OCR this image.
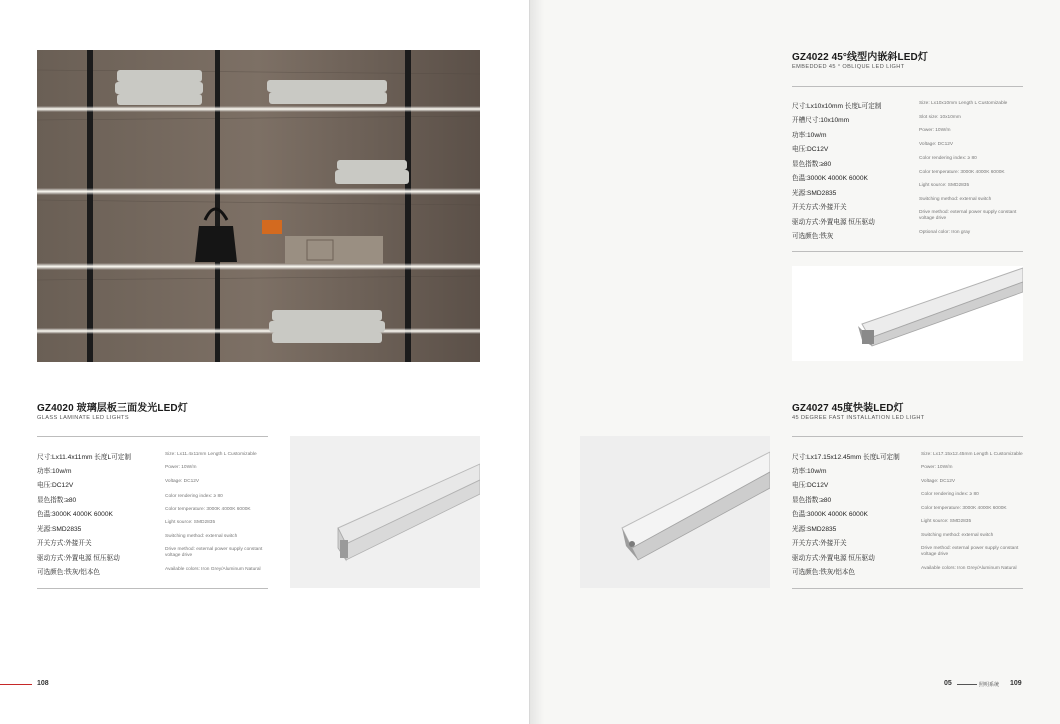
GZ4020 玻璃层板三面发光LED灯
GLASS LAMINATE LED LIGHTS
尺寸:Lx11.4x11mm 长度L可定制
功率:10w/m
电压:DC12V
显色指数:≥80
色温:3000K 4000K 6000K
光源:SMD2835
开关方式:外接开关
驱动方式:外置电源 恒压驱动
可选颜色:铁灰/铝本色
Size: Lx11.4x11mm Length L Customizable
Power: 10W/m
Voltage: DC12V
Color rendering index: ≥ 80
Color temperature: 3000K 4000K 6000K
Light source: SMD2835
Switching method: external switch
Drive method: external power supply constant voltage drive
Available colors: Iron Grey/Aluminum Natural
108
GZ4022 45°线型内嵌斜LED灯
EMBEDDED 45 ° OBLIQUE LED LIGHT
尺寸:Lx10x10mm 长度L可定制
开槽尺寸:10x10mm
功率:10w/m
电压:DC12V
显色指数:≥80
色温:3000K 4000K 6000K
光源:SMD2835
开关方式:外接开关
驱动方式:外置电源 恒压驱动
可选颜色:铁灰
Size: Lx10x10mm Length L Customizable
Slot size: 10x10mm
Power: 10W/m
Voltage: DC12V
Color rendering index: ≥ 80
Color temperature: 3000K 4000K 6000K
Light source: SMD2835
Switching method: external switch
Drive method: external power supply constant voltage drive
Optional color: Iron gray
GZ4027 45度快装LED灯
45 DEGREE FAST INSTALLATION LED LIGHT
尺寸:Lx17.15x12.45mm 长度L可定制
功率:10w/m
电压:DC12V
显色指数:≥80
色温:3000K 4000K 6000K
光源:SMD2835
开关方式:外接开关
驱动方式:外置电源 恒压驱动
可选颜色:铁灰/铝本色
Size: Lx17.15x12.45mm Length L Customizable
Power: 10W/m
Voltage: DC12V
Color rendering index: ≥ 80
Color temperature: 3000K 4000K 6000K
Light source: SMD2835
Switching method: external switch
Drive method: external power supply constant voltage drive
Available colors: Iron Grey/Aluminum Natural
05	照明系统 109
